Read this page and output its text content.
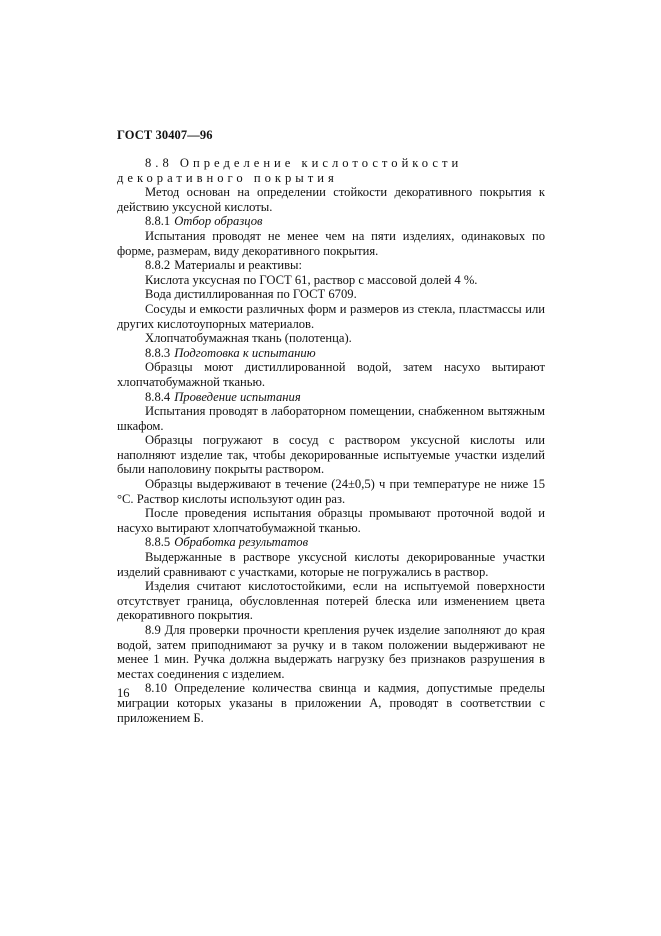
ГОСТ 30407—96

8.8 Определение кислотостойкости декоративного покрытия

Метод основан на определении стойкости декоративного покрытия к действию уксусной кислоты.

8.8.1 Отбор образцов

Испытания проводят не менее чем на пяти изделиях, одинаковых по форме, размерам, виду декоративного покрытия.

8.8.2 Материалы и реактивы:

Кислота уксусная по ГОСТ 61, раствор с массовой долей 4 %.

Вода дистиллированная по ГОСТ 6709.

Сосуды и емкости различных форм и размеров из стекла, пластмассы или других кислотоупорных материалов.

Хлопчатобумажная ткань (полотенца).

8.8.3 Подготовка к испытанию

Образцы моют дистиллированной водой, затем насухо вытирают хлопчатобумажной тканью.

8.8.4 Проведение испытания

Испытания проводят в лабораторном помещении, снабженном вытяжным шкафом.

Образцы погружают в сосуд с раствором уксусной кислоты или наполняют изделие так, чтобы декорированные испытуемые участки изделий были наполовину покрыты раствором.

Образцы выдерживают в течение (24±0,5) ч при температуре не ниже 15 °С. Раствор кислоты используют один раз.

После проведения испытания образцы промывают проточной водой и насухо вытирают хлопчатобумажной тканью.

8.8.5 Обработка результатов

Выдержанные в растворе уксусной кислоты декорированные участки изделий сравнивают с участками, которые не погружались в раствор.

Изделия считают кислотостойкими, если на испытуемой поверхности отсутствует граница, обусловленная потерей блеска или изменением цвета декоративного покрытия.

8.9 Для проверки прочности крепления ручек изделие заполняют до края водой, затем приподнимают за ручку и в таком положении выдерживают не менее 1 мин. Ручка должна выдержать нагрузку без признаков разрушения в местах соединения с изделием.

8.10 Определение количества свинца и кадмия, допустимые пределы миграции которых указаны в приложении А, проводят в соответствии с приложением Б.

16
